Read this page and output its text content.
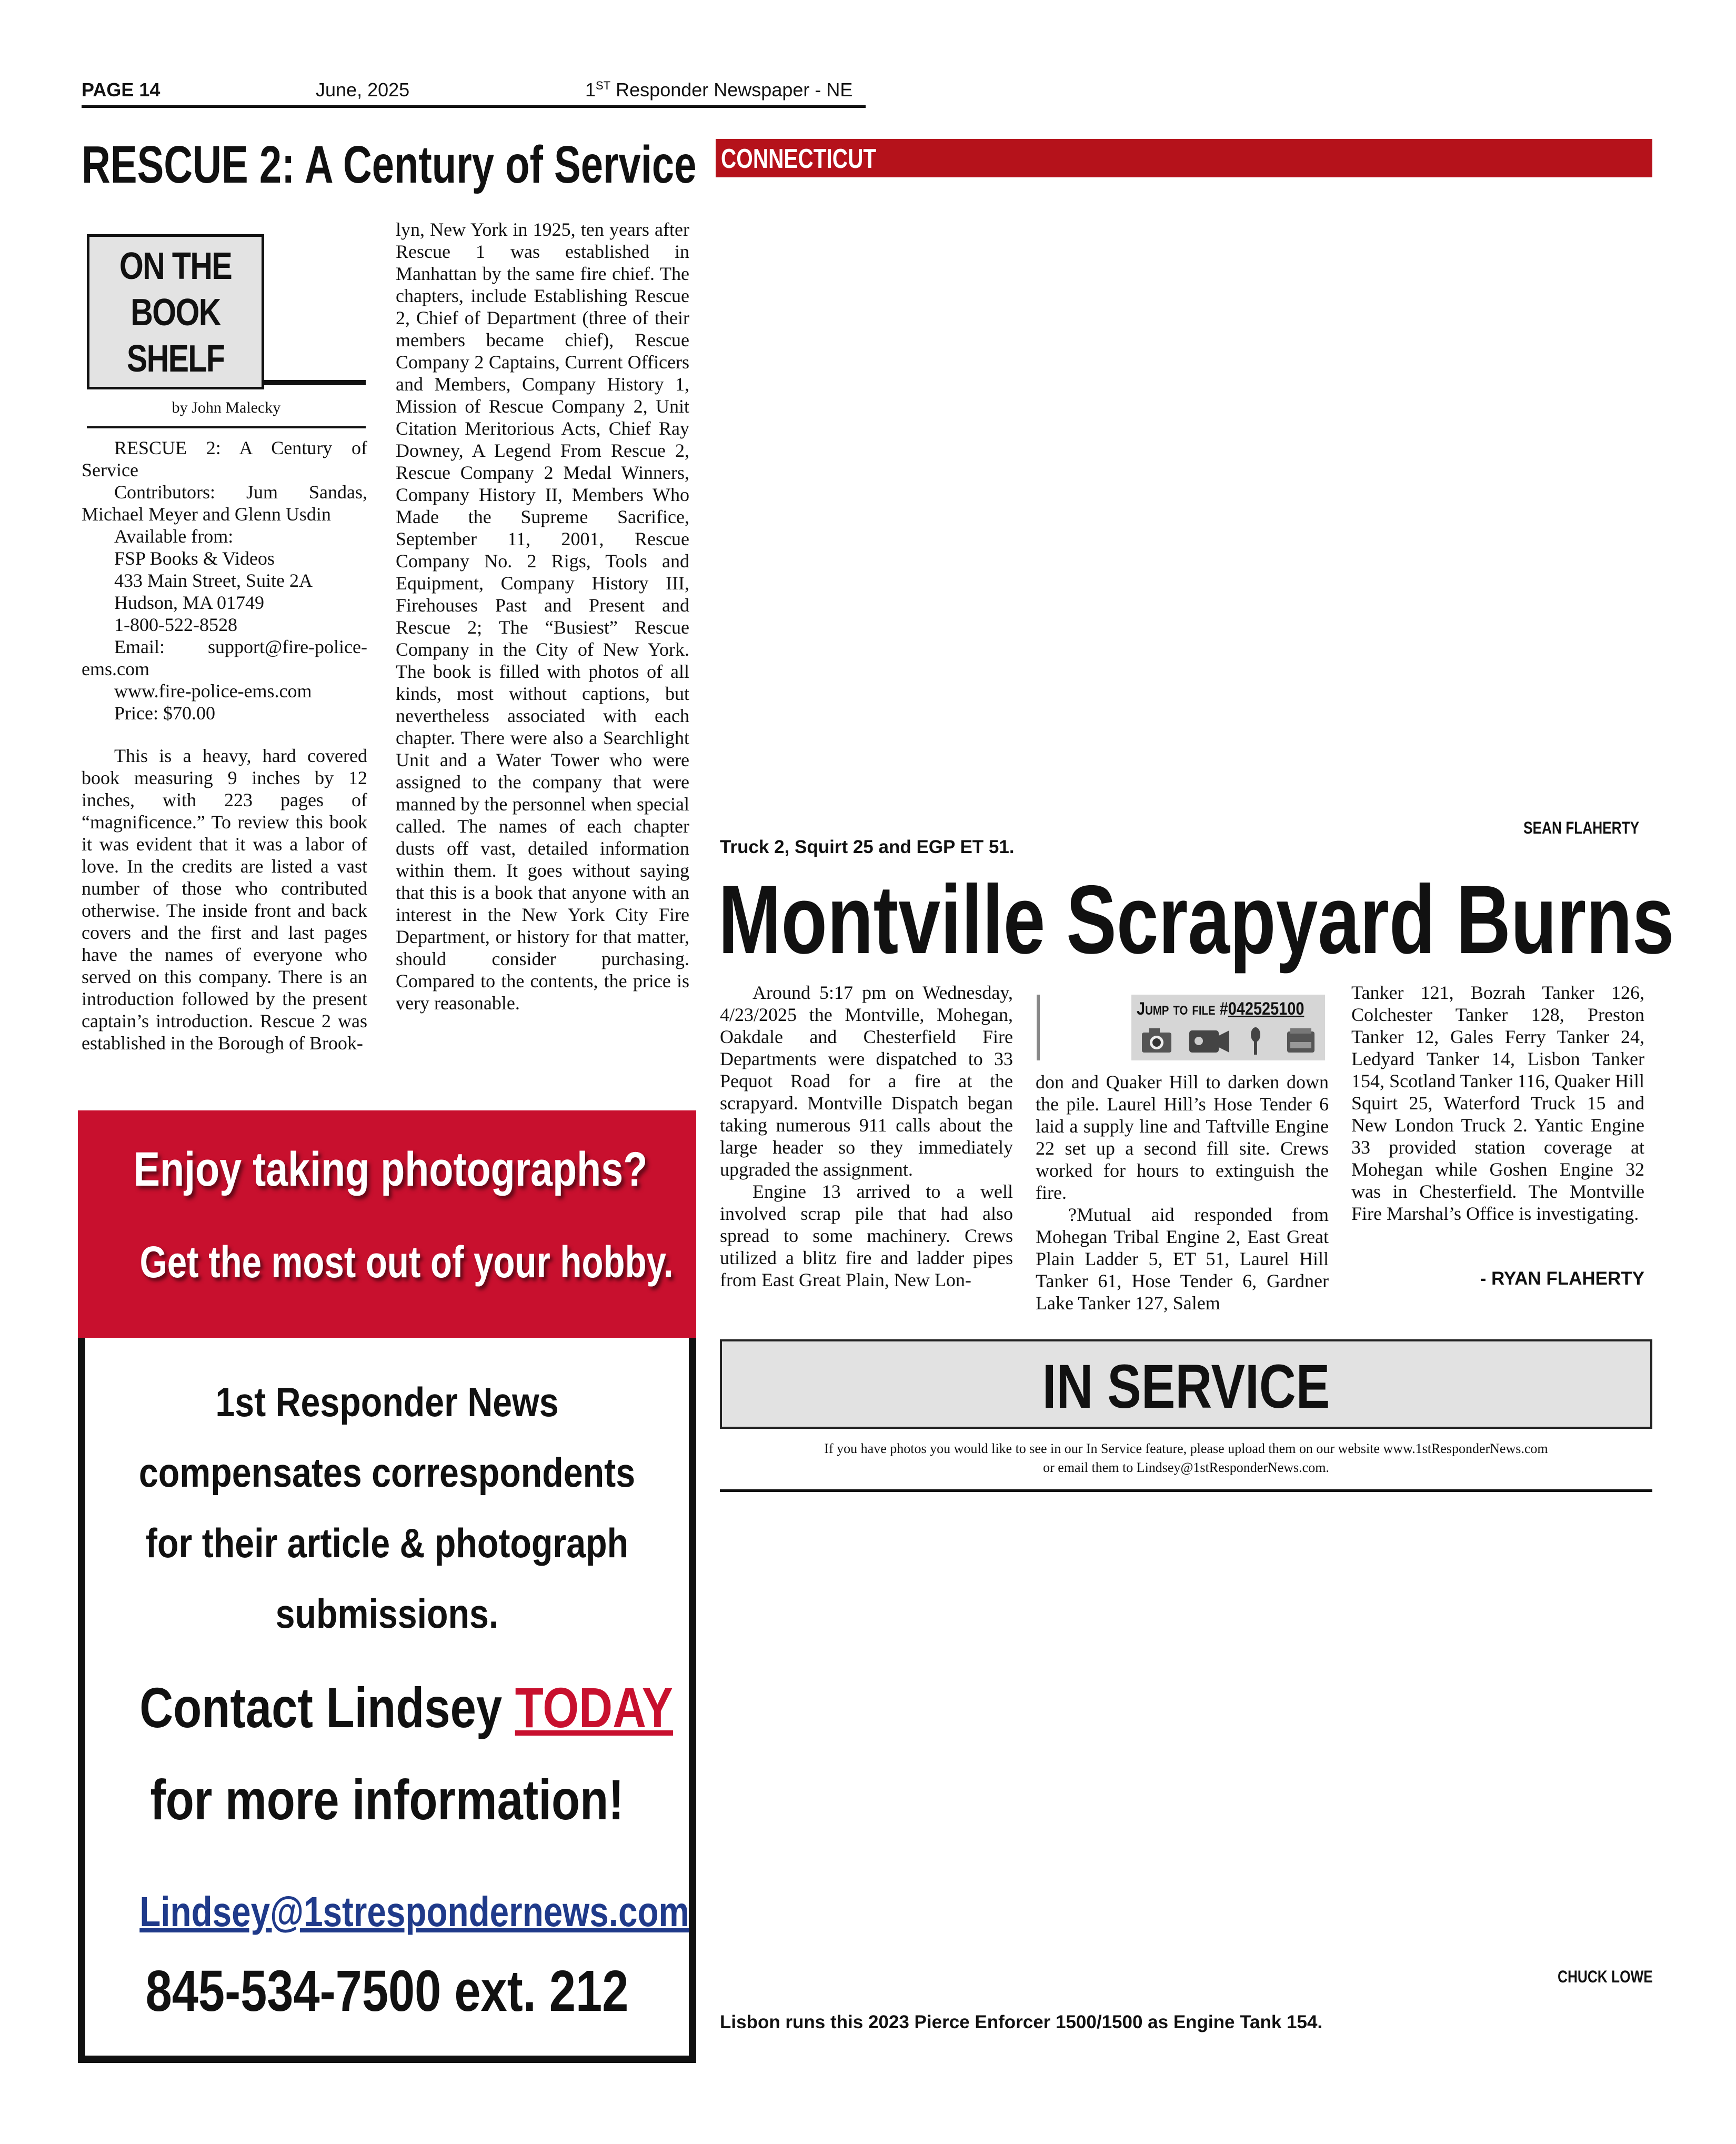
PAGE 14	June, 2025	1ST Responder Newspaper - NE
RESCUE 2: A Century of Service
ON THE
BOOK
SHELF
by John Malecky

RESCUE 2: A Century of Service

Contributors: Jum Sandas, Michael Meyer and Glenn Usdin

Available from:

FSP Books & Videos

433 Main Street, Suite 2A

Hudson, MA 01749

1-800-522-8528

Email: support@fire-police-ems.com

www.fire-police-ems.com

Price: $70.00

This is a heavy, hard covered book measuring 9 inches by 12 inches, with 223 pages of “magnificence.” To review this book it was evident that it was a labor of love. In the credits are listed a vast number of those who contributed otherwise. The inside front and back covers and the first and last pages have the names of everyone who served on this company. There is an introduction followed by the present captain’s introduction. Rescue 2 was established in the Borough of Brook-

lyn, New York in 1925, ten years after Rescue 1 was established in Manhattan by the same fire chief. The chapters, include Establishing Rescue 2, Chief of Department (three of their members became chief), Rescue Company 2 Captains, Current Officers and Members, Company History 1, Mission of Rescue Company 2, Unit Citation Meritorious Acts, Chief Ray Downey, A Legend From Rescue 2, Rescue Company 2 Medal Winners, Company History II, Members Who Made the Supreme Sacrifice, September 11, 2001, Rescue Company No. 2 Rigs, Tools and Equipment, Company History III, Firehouses Past and Present and Rescue 2; The “Busiest” Rescue Company in the City of New York. The book is filled with photos of all kinds, most without captions, but nevertheless associated with each chapter. There were also a Searchlight Unit and a Water Tower who were assigned to the company that were manned by the personnel when special called. The names of each chapter dusts off vast, detailed information within them. It goes without saying that this is a book that anyone with an interest in the New York City Fire Department, or history for that matter, should consider purchasing. Compared to the contents, the price is very reasonable.

Enjoy taking photographs?
Get the most out of your hobby.
1st Responder News
compensates correspondents
for their article & photograph
submissions.
Contact Lindsey TODAY
for more information!
Lindsey@1strespondernews.com
845-534-7500 ext. 212
CONNECTICUT
SEAN FLAHERTY
Truck 2, Squirt 25 and EGP ET 51.
Montville Scrapyard Burns

Around 5:17 pm on Wednesday, 4/23/2025 the Montville, Mohegan, Oakdale and Chesterfield Fire Departments were dispatched to 33 Pequot Road for a fire at the scrapyard. Montville Dispatch began taking numerous 911 calls about the large header so they immediately upgraded the assignment.

Engine 13 arrived to a well involved scrap pile that had also spread to some machinery. Crews utilized a blitz fire and ladder pipes from East Great Plain, New Lon-

Jump to file #042525100

don and Quaker Hill to darken down the pile. Laurel Hill’s Hose Tender 6 laid a supply line and Taftville Engine 22 set up a second fill site. Crews worked for hours to extinguish the fire.

?Mutual aid responded from Mohegan Tribal Engine 2, East Great Plain Ladder 5, ET 51, Laurel Hill Tanker 61, Hose Tender 6, Gardner Lake Tanker 127, Salem

Tanker 121, Bozrah Tanker 126, Colchester Tanker 128, Preston Tanker 12, Gales Ferry Tanker 24, Ledyard Tanker 14, Lisbon Tanker 154, Scotland Tanker 116, Quaker Hill Squirt 25, Waterford Truck 15 and New London Truck 2. Yantic Engine 33 provided station coverage at Mohegan while Goshen Engine 32 was in Chesterfield. The Montville Fire Marshal’s Office is investigating.

- RYAN FLAHERTY
IN SERVICE
If you have photos you would like to see in our In Service feature, please upload them on our website www.1stResponderNews.com
or email them to Lindsey@1stResponderNews.com.
CHUCK LOWE
Lisbon runs this 2023 Pierce Enforcer 1500/1500 as Engine Tank 154.
